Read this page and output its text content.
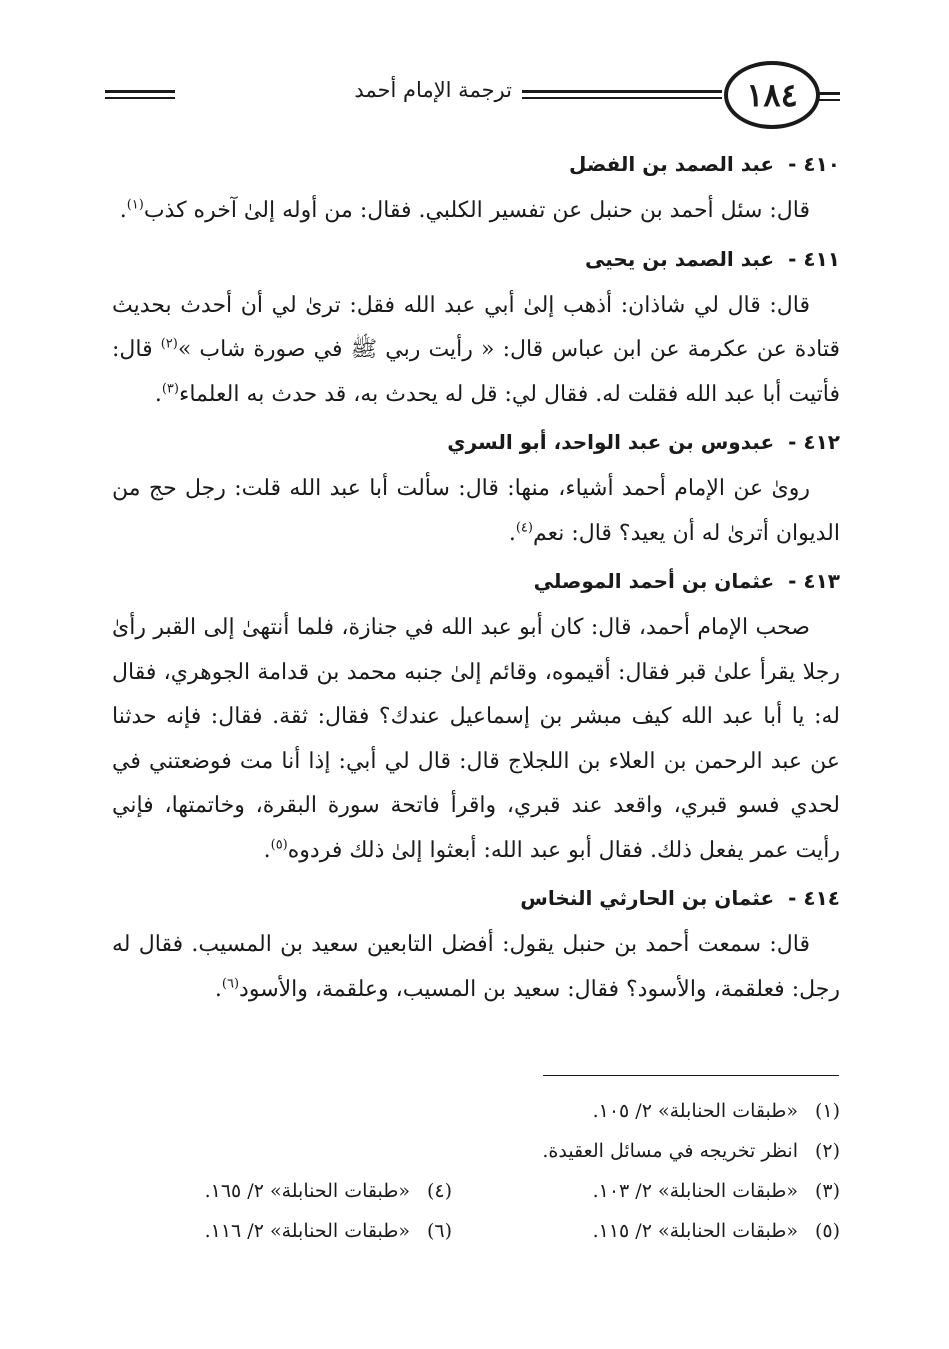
١٨٤
ترجمة الإمام أحمد
٤١٠ -عبد الصمد بن الفضل

قال: سئل أحمد بن حنبل عن تفسير الكلبي. فقال: من أوله إلىٰ آخره كذب$^{(١)}$.

٤١١ -عبد الصمد بن يحيى

قال: قال لي شاذان: أذهب إلىٰ أبي عبد الله فقل: ترىٰ لي أن أحدث بحديث قتادة عن عكرمة عن ابن عباس قال: « رأيت ربي ﷺ في صورة شاب »$^{(٢)}$ قال: فأتيت أبا عبد الله فقلت له. فقال لي: قل له يحدث به، قد حدث به العلماء$^{(٣)}$.

٤١٢ -عبدوس بن عبد الواحد، أبو السري

روىٰ عن الإمام أحمد أشياء، منها: قال: سألت أبا عبد الله قلت: رجل حج من الديوان أترىٰ له أن يعيد؟ قال: نعم$^{(٤)}$.

٤١٣ -عثمان بن أحمد الموصلي

صحب الإمام أحمد، قال: كان أبو عبد الله في جنازة، فلما أنتهىٰ إلى القبر رأىٰ رجلا يقرأ علىٰ قبر فقال: أقيموه، وقائم إلىٰ جنبه محمد بن قدامة الجوهري، فقال له: يا أبا عبد الله كيف مبشر بن إسماعيل عندك؟ فقال: ثقة. فقال: فإنه حدثنا عن عبد الرحمن بن العلاء بن اللجلاج قال: قال لي أبي: إذا أنا مت فوضعتني في لحدي فسو قبري، واقعد عند قبري، واقرأ فاتحة سورة البقرة، وخاتمتها، فإني رأيت عمر يفعل ذلك. فقال أبو عبد الله: أبعثوا إلىٰ ذلك فردوه$^{(٥)}$.

٤١٤ -عثمان بن الحارثي النخاس

قال: سمعت أحمد بن حنبل يقول: أفضل التابعين سعيد بن المسيب. فقال له رجل: فعلقمة، والأسود؟ فقال: سعيد بن المسيب، وعلقمة، والأسود$^{(٦)}$.

(١)«طبقات الحنابلة» ٢/ ١٠٥.
(٢)انظر تخريجه في مسائل العقيدة.
(٣)«طبقات الحنابلة» ٢/ ١٠٣.
(٤)«طبقات الحنابلة» ٢/ ١٦٥.
(٥)«طبقات الحنابلة» ٢/ ١١٥.
(٦)«طبقات الحنابلة» ٢/ ١١٦.
